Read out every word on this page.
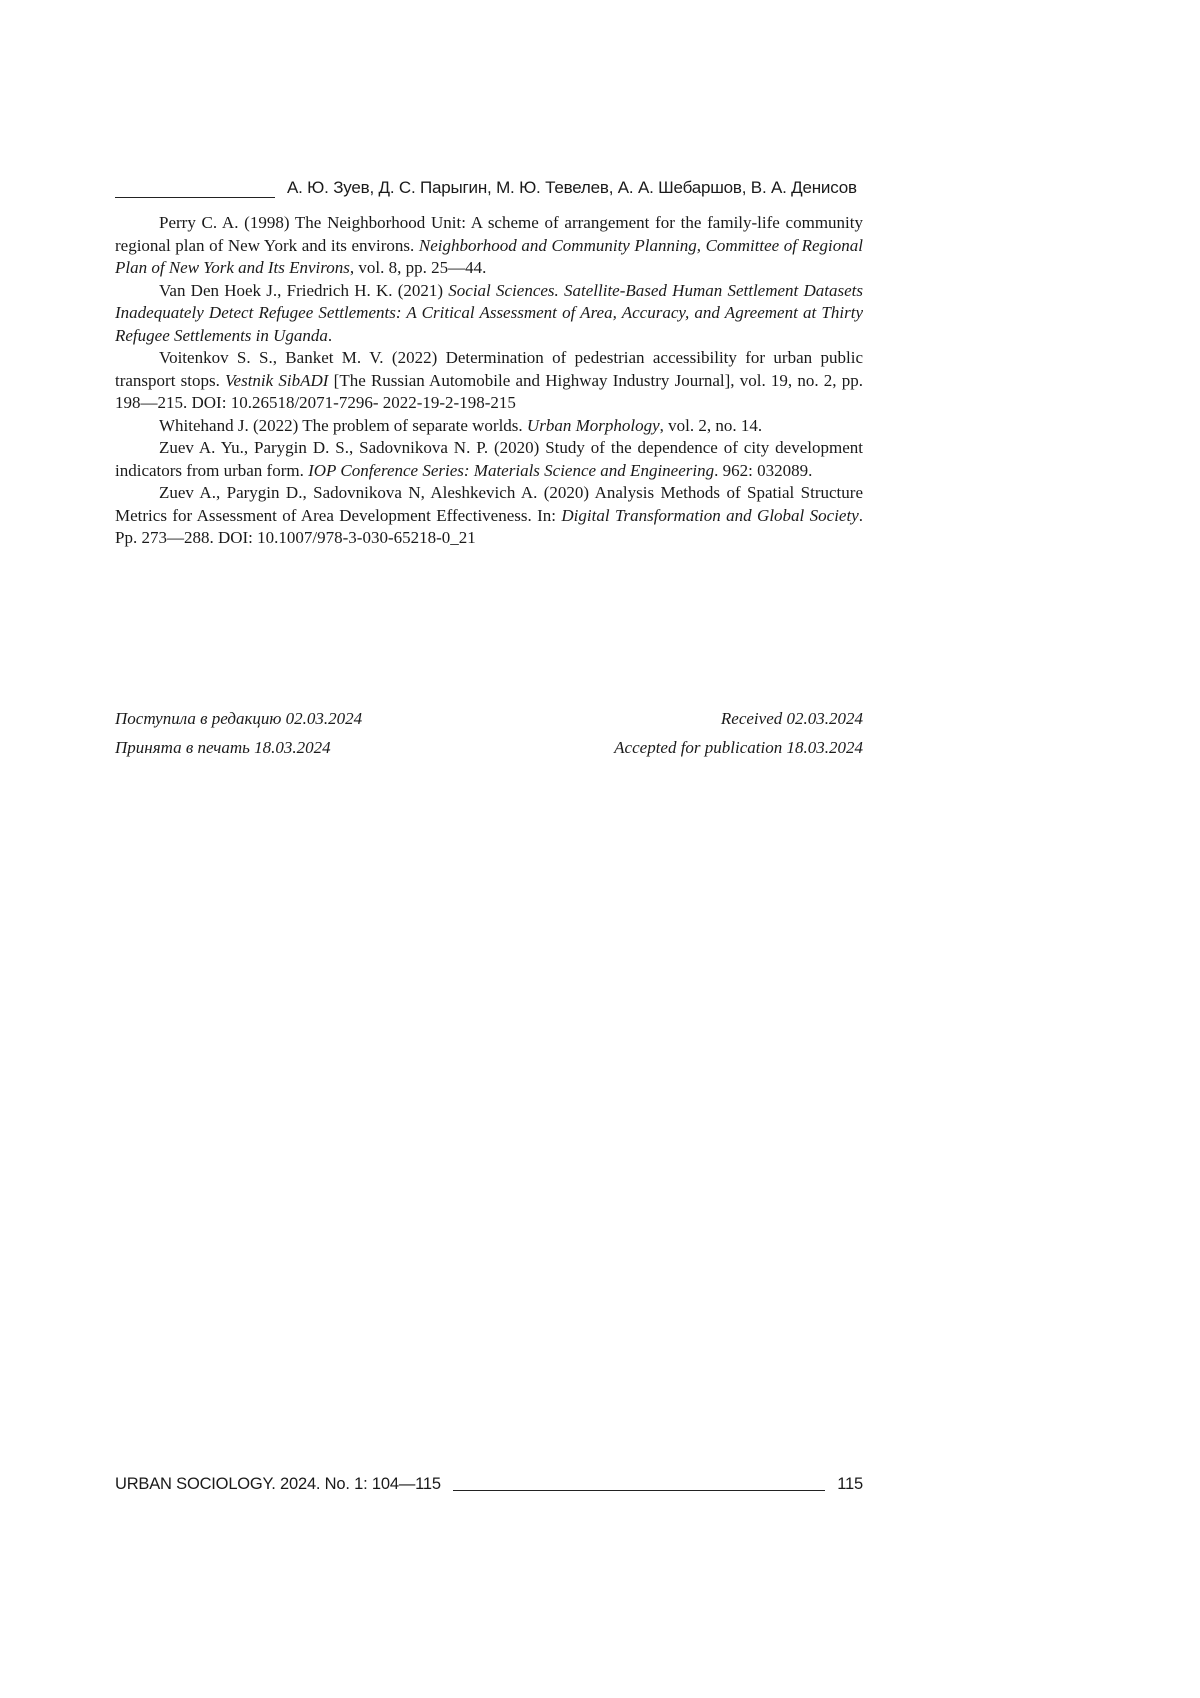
А. Ю. Зуев, Д. С. Парыгин, М. Ю. Тевелев, А. А. Шебаршов, В. А. Денисов

Perry C. A. (1998) The Neighborhood Unit: A scheme of arrangement for the family-life community regional plan of New York and its environs. Neighborhood and Community Planning, Committee of Regional Plan of New York and Its Environs, vol. 8, pp. 25—44.

Van Den Hoek J., Friedrich H. K. (2021) Social Sciences. Satellite-Based Human Settlement Datasets Inadequately Detect Refugee Settlements: A Critical Assessment of Area, Accuracy, and Agreement at Thirty Refugee Settlements in Uganda.

Voitenkov S. S., Banket M. V. (2022) Determination of pedestrian accessibility for urban public transport stops. Vestnik SibADI [The Russian Automobile and Highway Industry Journal], vol. 19, no. 2, pp. 198—215. DOI: 10.26518/2071-7296- 2022-19-2-198-215

Whitehand J. (2022) The problem of separate worlds. Urban Morphology, vol. 2, no. 14.

Zuev A. Yu., Parygin D. S., Sadovnikova N. P. (2020) Study of the dependence of city development indicators from urban form. IOP Conference Series: Materials Science and Engineering. 962: 032089.

Zuev A., Parygin D., Sadovnikova N, Aleshkevich A. (2020) Analysis Methods of Spatial Structure Metrics for Assessment of Area Development Effectiveness. In: Digital Transformation and Global Society. Pp. 273—288. DOI: 10.1007/978-3-030-65218-0_21

Поступила в редакцию 02.03.2024	Received 02.03.2024
Принята в печать 18.03.2024	Accepted for publication 18.03.2024
URBAN SOCIOLOGY. 2024. No. 1: 104—115	115
